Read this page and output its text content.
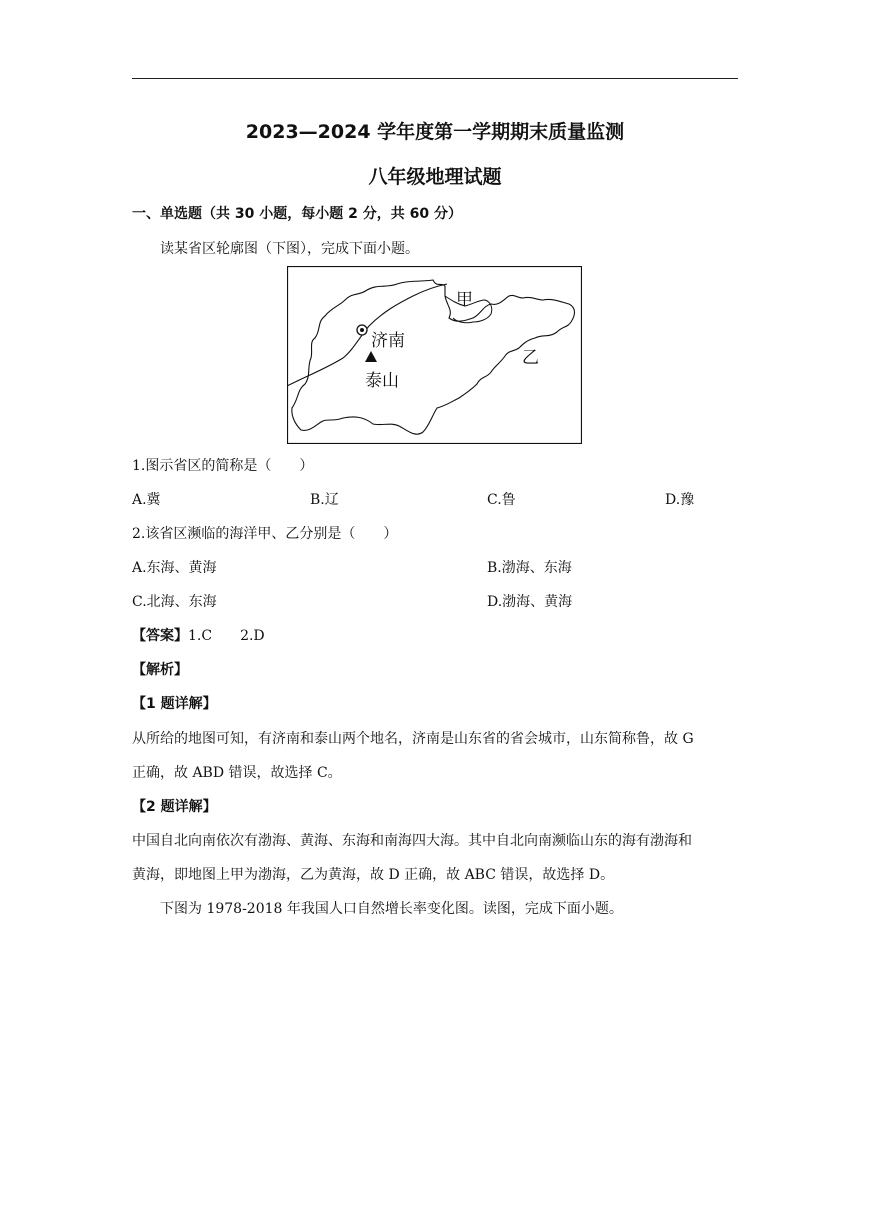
2023—2024 学年度第一学期期末质量监测
八年级地理试题
一、单选题（共 30 小题，每小题 2 分，共 60 分）
读某省区轮廓图（下图），完成下面小题。
济南
泰山
甲
乙
1.图示省区的简称是（　　）
A.冀	B.辽	C.鲁	D.豫
2.该省区濒临的海洋甲、乙分别是（　　）
A.东海、黄海	B.渤海、东海
C.北海、东海	D.渤海、黄海
【答案】1.C　　2.D
【解析】
【1 题详解】
从所给的地图可知，有济南和泰山两个地名，济南是山东省的省会城市，山东简称鲁，故 G
正确，故 ABD 错误，故选择 C。
【2 题详解】
中国自北向南依次有渤海、黄海、东海和南海四大海。其中自北向南濒临山东的海有渤海和
黄海，即地图上甲为渤海，乙为黄海，故 D 正确，故 ABC 错误，故选择 D。
下图为 1978-2018 年我国人口自然增长率变化图。读图，完成下面小题。
